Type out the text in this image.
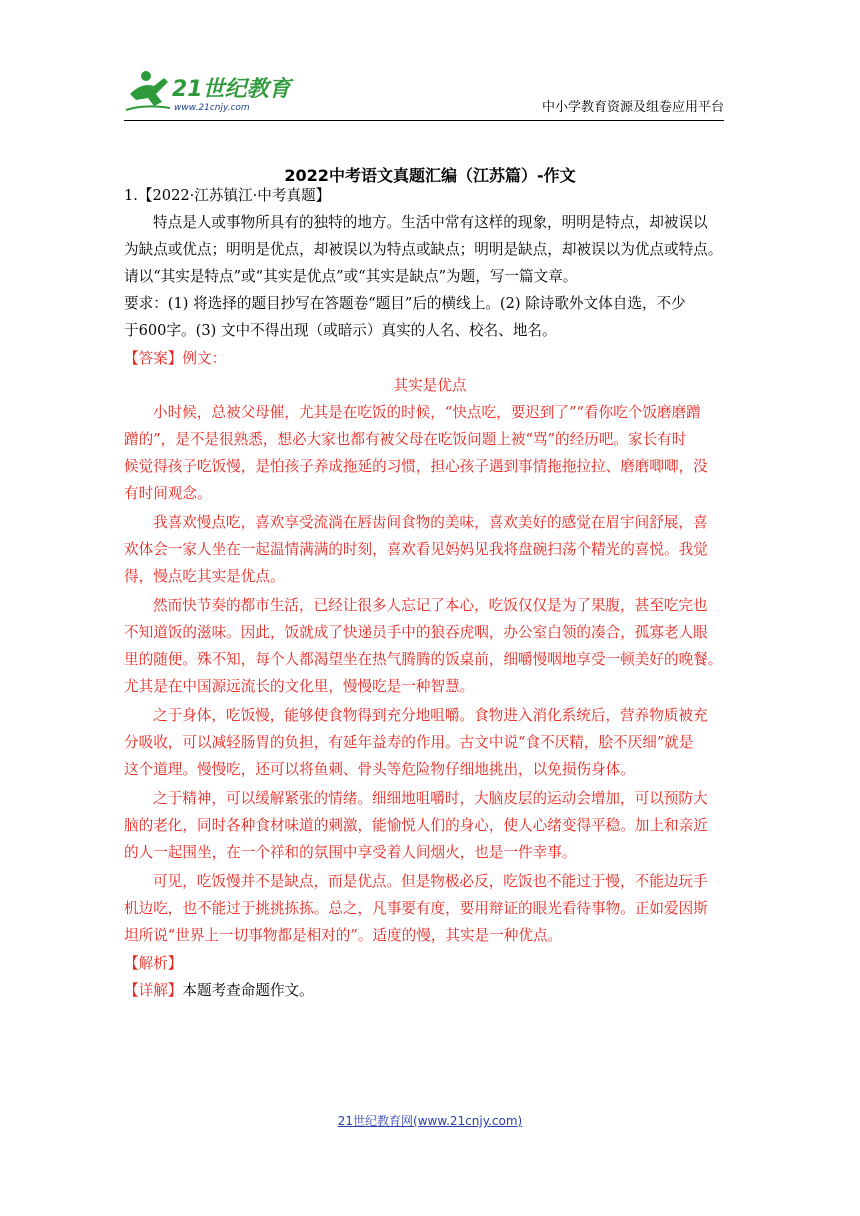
21世纪教育
www.21cnjy.com	中小学教育资源及组卷应用平台
2022中考语文真题汇编（江苏篇）-作文
1.【2022·江苏镇江·中考真题】
特点是人或事物所具有的独特的地方。生活中常有这样的现象，明明是特点，却被误以
为缺点或优点；明明是优点，却被误以为特点或缺点；明明是缺点，却被误以为优点或特点。
请以“其实是特点”或“其实是优点”或“其实是缺点”为题，写一篇文章。
要求：(1) 将选择的题目抄写在答题卷“题目”后的横线上。(2) 除诗歌外文体自选，不少
于600字。(3) 文中不得出现（或暗示）真实的人名、校名、地名。
【答案】例文：
其实是优点
小时候，总被父母催，尤其是在吃饭的时候，“快点吃，要迟到了”“看你吃个饭磨磨蹭
蹭的”，是不是很熟悉，想必大家也都有被父母在吃饭问题上被“骂”的经历吧。家长有时
候觉得孩子吃饭慢，是怕孩子养成拖延的习惯，担心孩子遇到事情拖拖拉拉、磨磨唧唧，没
有时间观念。
我喜欢慢点吃，喜欢享受流淌在唇齿间食物的美味，喜欢美好的感觉在眉宇间舒展，喜
欢体会一家人坐在一起温情满满的时刻，喜欢看见妈妈见我将盘碗扫荡个精光的喜悦。我觉
得，慢点吃其实是优点。
然而快节奏的都市生活，已经让很多人忘记了本心，吃饭仅仅是为了果腹，甚至吃完也
不知道饭的滋味。因此，饭就成了快递员手中的狼吞虎咽，办公室白领的凑合，孤寡老人眼
里的随便。殊不知，每个人都渴望坐在热气腾腾的饭桌前，细嚼慢咽地享受一顿美好的晚餐。
尤其是在中国源远流长的文化里，慢慢吃是一种智慧。
之于身体，吃饭慢，能够使食物得到充分地咀嚼。食物进入消化系统后，营养物质被充
分吸收，可以减轻肠胃的负担，有延年益寿的作用。古文中说“食不厌精，脍不厌细”就是
这个道理。慢慢吃，还可以将鱼刺、骨头等危险物仔细地挑出，以免损伤身体。
之于精神，可以缓解紧张的情绪。细细地咀嚼时，大脑皮层的运动会增加，可以预防大
脑的老化，同时各种食材味道的刺激，能愉悦人们的身心，使人心绪变得平稳。加上和亲近
的人一起围坐，在一个祥和的氛围中享受着人间烟火，也是一件幸事。
可见，吃饭慢并不是缺点，而是优点。但是物极必反，吃饭也不能过于慢，不能边玩手
机边吃，也不能过于挑挑拣拣。总之，凡事要有度，要用辩证的眼光看待事物。正如爱因斯
坦所说“世界上一切事物都是相对的”。适度的慢，其实是一种优点。
【解析】
【详解】本题考查命题作文。
21世纪教育网(www.21cnjy.com)
